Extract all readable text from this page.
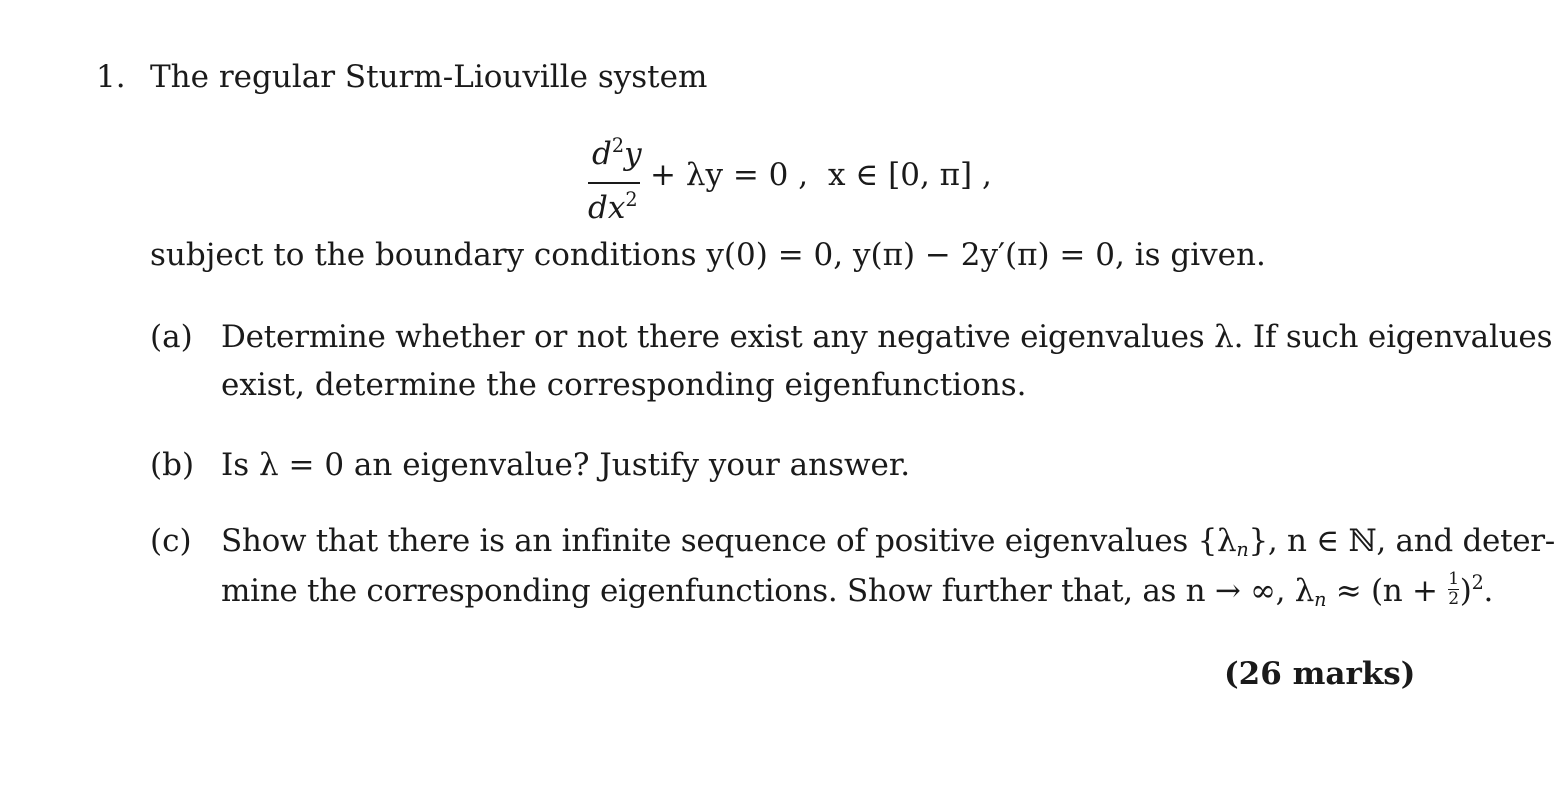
1. The regular Sturm-Liouville system
$d^2y$
$dx^2$
+ λy = 0 , x ∈ [0, π] ,
subject to the boundary conditions y(0) = 0, y(π) − 2y′(π) = 0, is given.
(a) Determine whether or not there exist any negative eigenvalues λ. If such eigenvalues
exist, determine the corresponding eigenfunctions.
(b) Is λ = 0 an eigenvalue? Justify your answer.
(c) Show that there is an infinite sequence of positive eigenvalues $\{\lambda_n\}$, n ∈ ℕ, and deter-
mine the corresponding eigenfunctions. Show further that, as n → ∞, $\lambda_n \approx (n + \frac{1}{2} )^2$.
(26 marks)
